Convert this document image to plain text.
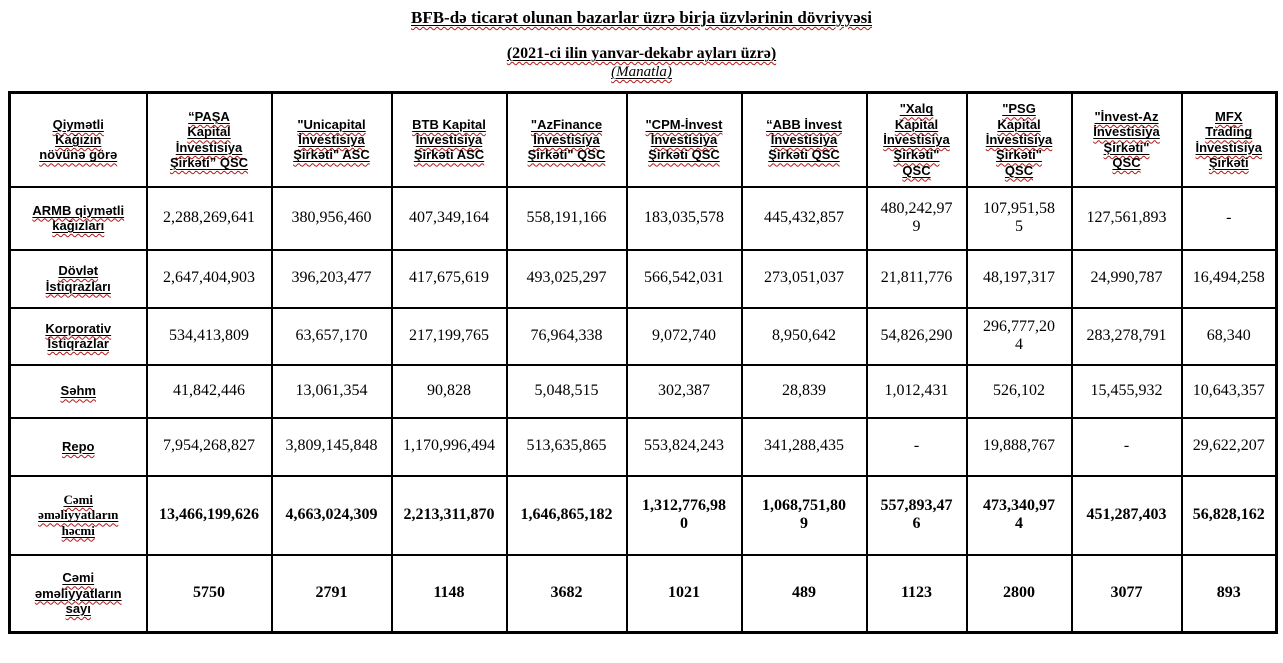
BFB-də ticarət olunan bazarlar üzrə birja üzvlərinin dövriyyəsi
(2021-ci ilin yanvar-dekabr ayları üzrə)
(Manatla)
Qiymətli Kağızın növünə görə	“PAŞA Kapital İnvestisiya Şirkəti” QSC	"Unicapital İnvestisiya Şirkəti" ASC	BTB Kapital İnvestisiya Şirkəti ASC	"AzFinance İnvestisiya Şirkəti" QSC	"CPM-İnvest İnvestisiya Şirkəti QSC	“ABB İnvest İnvestisiya Şirkəti QSC	"Xalq Kapital İnvestisiya Şirkəti" QSC	"PSG Kapital İnvestisiya Şirkəti" QSC	"İnvest-Az İnvestisiya Şirkəti" QSC	MFX Trading İnvestisiya Şirkəti
ARMB qiymətli kağızları	2,288,269,641	380,956,460	407,349,164	558,191,166	183,035,578	445,432,857	480,242,979	107,951,585	127,561,893	-
Dövlət İstiqrazları	2,647,404,903	396,203,477	417,675,619	493,025,297	566,542,031	273,051,037	21,811,776	48,197,317	24,990,787	16,494,258
Korporativ İstiqrazlar	534,413,809	63,657,170	217,199,765	76,964,338	9,072,740	8,950,642	54,826,290	296,777,204	283,278,791	68,340
Səhm	41,842,446	13,061,354	90,828	5,048,515	302,387	28,839	1,012,431	526,102	15,455,932	10,643,357
Repo	7,954,268,827	3,809,145,848	1,170,996,494	513,635,865	553,824,243	341,288,435	-	19,888,767	-	29,622,207
Cəmi əməliyyatların həcmi	13,466,199,626	4,663,024,309	2,213,311,870	1,646,865,182	1,312,776,980	1,068,751,809	557,893,476	473,340,974	451,287,403	56,828,162
Cəmi əməliyyatların sayı	5750	2791	1148	3682	1021	489	1123	2800	3077	893
